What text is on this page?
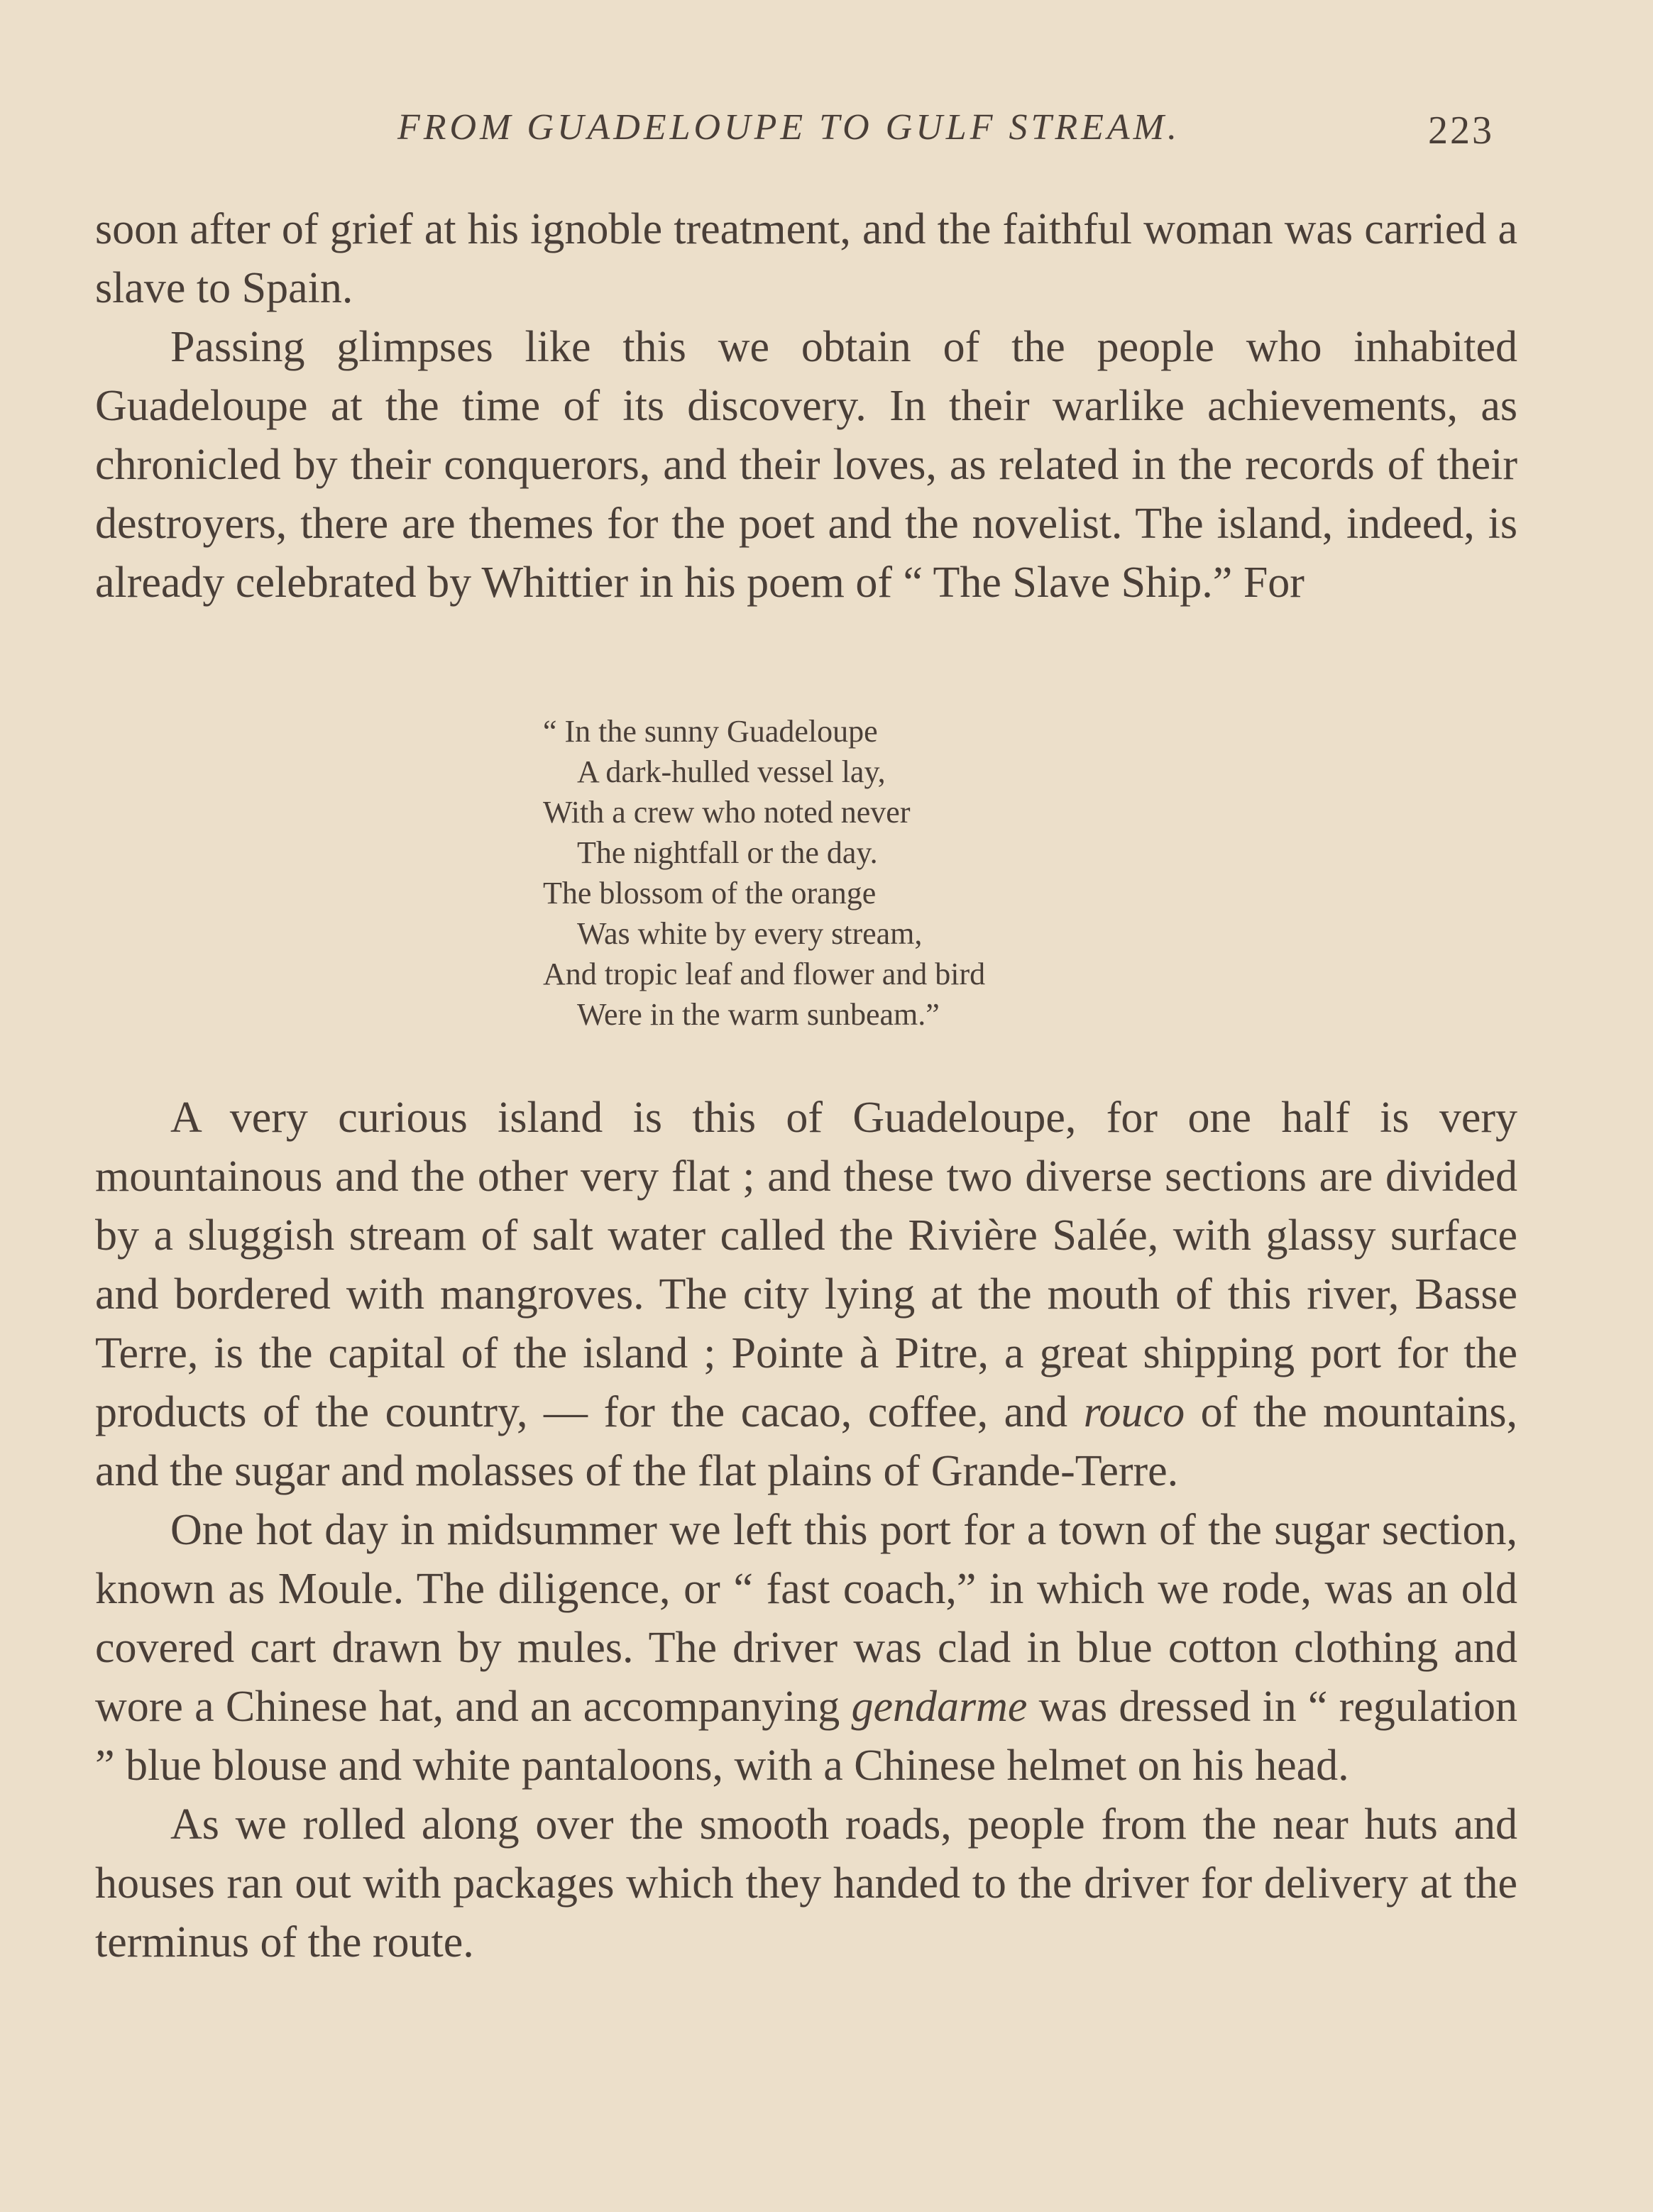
FROM GUADELOUPE TO GULF STREAM.	223

soon after of grief at his ignoble treatment, and the faithful woman was carried a slave to Spain.

Passing glimpses like this we obtain of the people who inhabited Guadeloupe at the time of its discovery. In their warlike achievements, as chronicled by their conquerors, and their loves, as related in the records of their destroyers, there are themes for the poet and the novelist. The island, indeed, is already celebrated by Whittier in his poem of “ The Slave Ship.” For

“ In the sunny Guadeloupe
A dark-hulled vessel lay,
With a crew who noted never
The nightfall or the day.
The blossom of the orange
Was white by every stream,
And tropic leaf and flower and bird
Were in the warm sunbeam.”

A very curious island is this of Guadeloupe, for one half is very mountainous and the other very flat ; and these two diverse sections are divided by a sluggish stream of salt water called the Rivière Salée, with glassy surface and bordered with mangroves. The city lying at the mouth of this river, Basse Terre, is the capital of the island ; Pointe à Pitre, a great shipping port for the products of the country, — for the cacao, coffee, and rouco of the mountains, and the sugar and molasses of the flat plains of Grande-Terre.

One hot day in midsummer we left this port for a town of the sugar section, known as Moule. The diligence, or “ fast coach,” in which we rode, was an old covered cart drawn by mules. The driver was clad in blue cotton clothing and wore a Chinese hat, and an accompanying gendarme was dressed in “ regulation ” blue blouse and white pantaloons, with a Chinese helmet on his head.

As we rolled along over the smooth roads, people from the near huts and houses ran out with packages which they handed to the driver for delivery at the terminus of the route.
